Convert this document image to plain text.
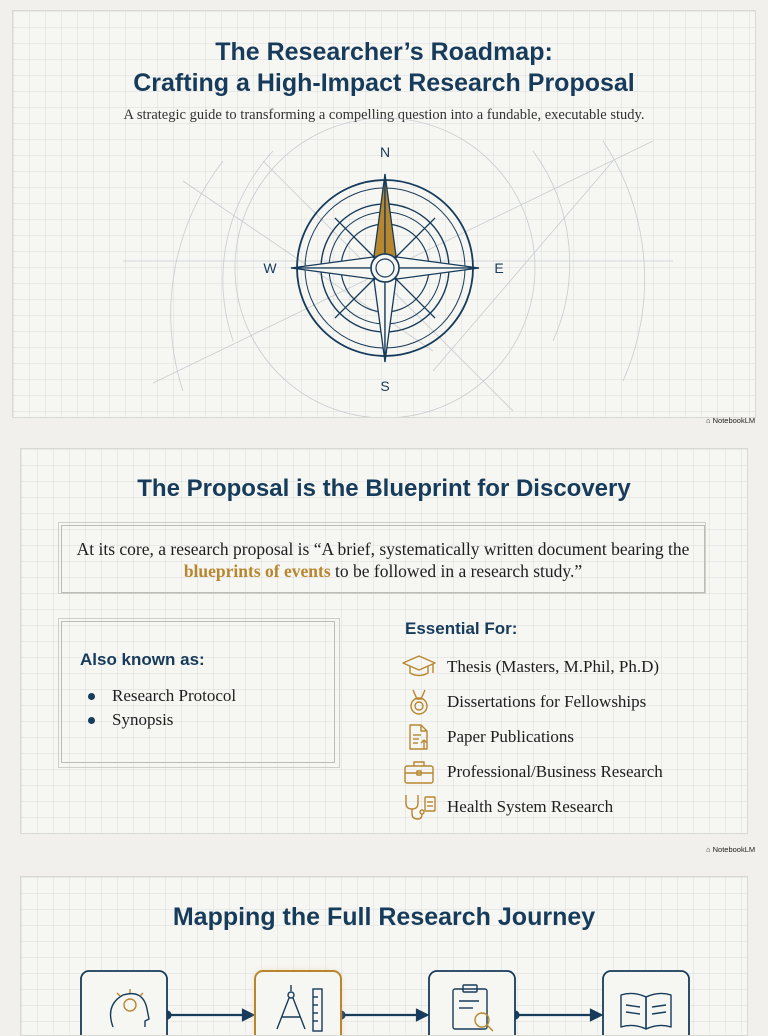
The Researcher’s Roadmap:
Crafting a High-Impact Research Proposal

A strategic guide to transforming a compelling question into a fundable, executable study.

N
S
E
W
⌂ NotebookLM
The Proposal is the Blueprint for Discovery

At its core, a research proposal is “A brief, systematically written document bearing the blueprints of events to be followed in a research study.”

Also known as:
Research Protocol
Synopsis
Essential For:
Thesis (Masters, M.Phil, Ph.D)
Dissertations for Fellowships
Paper Publications
Professional/Business Research
Health System Research
⌂ NotebookLM
Mapping the Full Research Journey
